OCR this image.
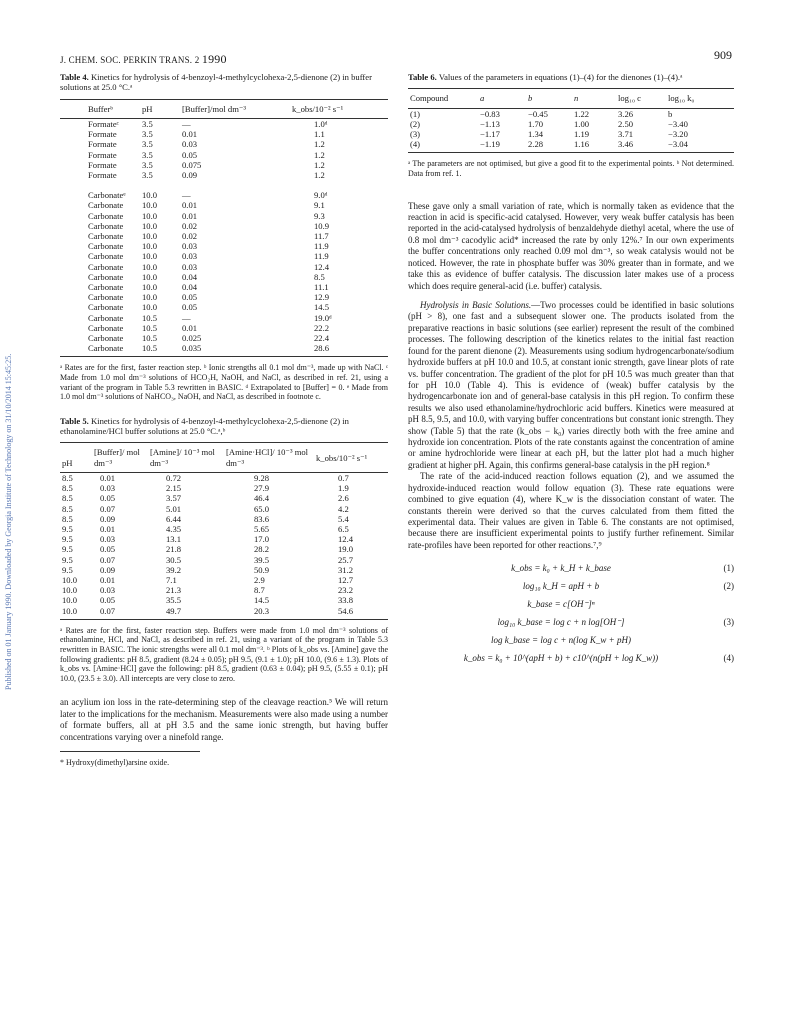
Published on 01 January 1990. Downloaded by Georgia Institute of Technology on 31/10/2014 15:45:25.
J. CHEM. SOC. PERKIN TRANS. 2 1990	909
Table 4. Kinetics for hydrolysis of 4-benzoyl-4-methylcyclohexa-2,5-dienone (2) in buffer solutions at 25.0 °C.ᵃ
Bufferᵇ	pH	[Buffer]/mol dm⁻³	k_obs/10⁻² s⁻¹
Formateᶜ	3.5	—	1.0ᵈ
Formate	3.5	0.01	1.1
Formate	3.5	0.03	1.2
Formate	3.5	0.05	1.2
Formate	3.5	0.075	1.2
Formate	3.5	0.09	1.2

Carbonateᵉ	10.0	—	9.0ᵈ
Carbonate	10.0	0.01	9.1
Carbonate	10.0	0.01	9.3
Carbonate	10.0	0.02	10.9
Carbonate	10.0	0.02	11.7
Carbonate	10.0	0.03	11.9
Carbonate	10.0	0.03	11.9
Carbonate	10.0	0.03	12.4
Carbonate	10.0	0.04	8.5
Carbonate	10.0	0.04	11.1
Carbonate	10.0	0.05	12.9
Carbonate	10.0	0.05	14.5
Carbonate	10.5	—	19.0ᵈ
Carbonate	10.5	0.01	22.2
Carbonate	10.5	0.025	22.4
Carbonate	10.5	0.035	28.6
ᵃ Rates are for the first, faster reaction step. ᵇ Ionic strengths all 0.1 mol dm⁻³, made up with NaCl. ᶜ Made from 1.0 mol dm⁻³ solutions of HCO₂H, NaOH, and NaCl, as described in ref. 21, using a variant of the program in Table 5.3 rewritten in BASIC. ᵈ Extrapolated to [Buffer] = 0. ᵉ Made from 1.0 mol dm⁻³ solutions of NaHCO₃, NaOH, and NaCl, as described in footnote c.
Table 5. Kinetics for hydrolysis of 4-benzoyl-4-methylcyclohexa-2,5-dienone (2) in ethanolamine/HCl buffer solutions at 25.0 °C.ᵃ,ᵇ
pH	[Buffer]/ mol dm⁻³	[Amine]/ 10⁻³ mol dm⁻³	[Amine·HCl]/ 10⁻³ mol dm⁻³	k_obs/10⁻² s⁻¹
8.5	0.01	0.72	9.28	0.7
8.5	0.03	2.15	27.9	1.9
8.5	0.05	3.57	46.4	2.6
8.5	0.07	5.01	65.0	4.2
8.5	0.09	6.44	83.6	5.4
9.5	0.01	4.35	5.65	6.5
9.5	0.03	13.1	17.0	12.4
9.5	0.05	21.8	28.2	19.0
9.5	0.07	30.5	39.5	25.7
9.5	0.09	39.2	50.9	31.2
10.0	0.01	7.1	2.9	12.7
10.0	0.03	21.3	8.7	23.2
10.0	0.05	35.5	14.5	33.8
10.0	0.07	49.7	20.3	54.6
ᵃ Rates are for the first, faster reaction step. Buffers were made from 1.0 mol dm⁻³ solutions of ethanolamine, HCl, and NaCl, as described in ref. 21, using a variant of the program in Table 5.3 rewritten in BASIC. The ionic strengths were all 0.1 mol dm⁻³. ᵇ Plots of k_obs vs. [Amine] gave the following gradients: pH 8.5, gradient (8.24 ± 0.05); pH 9.5, (9.1 ± 1.0); pH 10.0, (9.6 ± 1.3). Plots of k_obs vs. [Amine·HCl] gave the following: pH 8.5, gradient (0.63 ± 0.04); pH 9.5, (5.55 ± 0.1); pH 10.0, (23.5 ± 3.0). All intercepts are very close to zero.

an acylium ion loss in the rate-determining step of the cleavage reaction.⁵ We will return later to the implications for the mechanism. Measurements were also made using a number of formate buffers, all at pH 3.5 and the same ionic strength, but having buffer concentrations varying over a ninefold range.

* Hydroxy(dimethyl)arsine oxide.
Table 6. Values of the parameters in equations (1)–(4) for the dienones (1)–(4).ᵃ
Compound	a	b	n	log₁₀ c	log₁₀ k₀
(1)	−0.83	−0.45	1.22	3.26	b
(2)	−1.13	1.70	1.00	2.50	−3.40
(3)	−1.17	1.34	1.19	3.71	−3.20
(4)	−1.19	2.28	1.16	3.46	−3.04
ᵃ The parameters are not optimised, but give a good fit to the experimental points. ᵇ Not determined. Data from ref. 1.

These gave only a small variation of rate, which is normally taken as evidence that the reaction in acid is specific-acid catalysed. However, very weak buffer catalysis has been reported in the acid-catalysed hydrolysis of benzaldehyde diethyl acetal, where the use of 0.8 mol dm⁻³ cacodylic acid* increased the rate by only 12%.⁷ In our own experiments the buffer concentrations only reached 0.09 mol dm⁻³, so weak catalysis would not be noticed. However, the rate in phosphate buffer was 30% greater than in formate, and we take this as evidence of buffer catalysis. The discussion later makes use of a process which does require general-acid (i.e. buffer) catalysis.

Hydrolysis in Basic Solutions.—Two processes could be identified in basic solutions (pH > 8), one fast and a subsequent slower one. The products isolated from the preparative reactions in basic solutions (see earlier) represent the result of the combined processes. The following description of the kinetics relates to the initial fast reaction found for the parent dienone (2). Measurements using sodium hydrogencarbonate/sodium hydroxide buffers at pH 10.0 and 10.5, at constant ionic strength, gave linear plots of rate vs. buffer concentration. The gradient of the plot for pH 10.5 was much greater than that for pH 10.0 (Table 4). This is evidence of (weak) buffer catalysis by the hydrogencarbonate ion and of general-base catalysis in this pH region. To confirm these results we also used ethanolamine/hydrochloric acid buffers. Kinetics were measured at pH 8.5, 9.5, and 10.0, with varying buffer concentrations but constant ionic strength. They show (Table 5) that the rate (k_obs − k₀) varies directly both with the free amine and hydroxide ion concentration. Plots of the rate constants against the concentration of amine or amine hydrochloride were linear at each pH, but the latter plot had a much higher gradient at higher pH. Again, this confirms general-base catalysis in the pH region.⁸

The rate of the acid-induced reaction follows equation (2), and we assumed the hydroxide-induced reaction would follow equation (3). These rate equations were combined to give equation (4), where K_w is the dissociation constant of water. The constants therein were derived so that the curves calculated from them fitted the experimental data. Their values are given in Table 6. The constants are not optimised, because there are insufficient experimental points to justify further refinement. Similar rate-profiles have been reported for other reactions.⁷,⁹

k_obs = k₀ + k_H + k_base	(1)
log₁₀ k_H = apH + b	(2)
k_base = c[OH⁻]ⁿ
log₁₀ k_base = log c + n log[OH⁻]	(3)
log k_base = log c + n(log K_w + pH)
k_obs = k₀ + 10^(apH + b) + c10^(n(pH + log K_w))	(4)
